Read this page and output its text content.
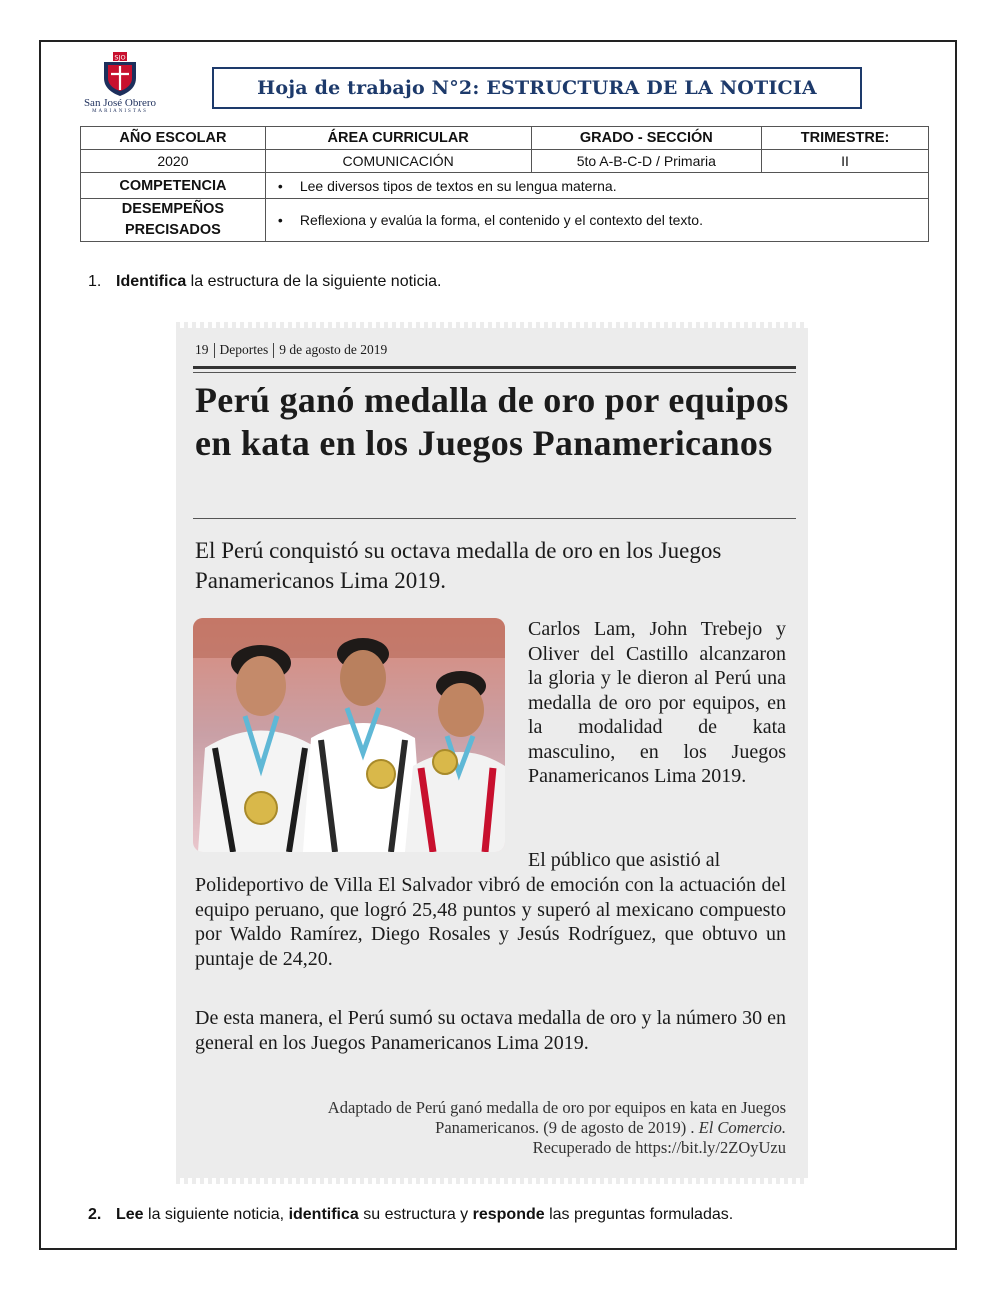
SJO
San José Obrero
MARIANISTAS
Hoja de trabajo N°2: ESTRUCTURA DE LA NOTICIA
AÑO ESCOLAR	ÁREA CURRICULAR	GRADO - SECCIÓN	TRIMESTRE:
2020	COMUNICACIÓN	5to A-B-C-D / Primaria	II
COMPETENCIA	• Lee diversos tipos de textos en su lengua materna.		
DESEMPEÑOS
PRECISADOS	• Reflexiona y evalúa la forma, el contenido y el contexto del texto.		
1. Identifica la estructura de la siguiente noticia.
19 Deportes 9 de agosto de 2019
Perú ganó medalla de oro por equipos en kata en los Juegos Panamericanos
El Perú conquistó su octava medalla de oro en los Juegos Panamericanos Lima 2019.
Carlos Lam, John Trebejo y Oliver del Castillo alcanzaron la gloria y le dieron al Perú una medalla de oro por equipos, en la modalidad de kata masculino, en los Juegos Panamericanos Lima 2019.
El público que asistió al
Polideportivo de Villa El Salvador vibró de emoción con la actuación del equipo peruano, que logró 25,48 puntos y superó al mexicano compuesto por Waldo Ramírez, Diego Rosales y Jesús Rodríguez, que obtuvo un puntaje de 24,20.
De esta manera, el Perú sumó su octava medalla de oro y la número 30 en general en los Juegos Panamericanos Lima 2019.
Adaptado de Perú ganó medalla de oro por equipos en kata en Juegos
Panamericanos. (9 de agosto de 2019) . El Comercio.
Recuperado de https://bit.ly/2ZOyUzu
2. Lee la siguiente noticia, identifica su estructura y responde las preguntas formuladas.
